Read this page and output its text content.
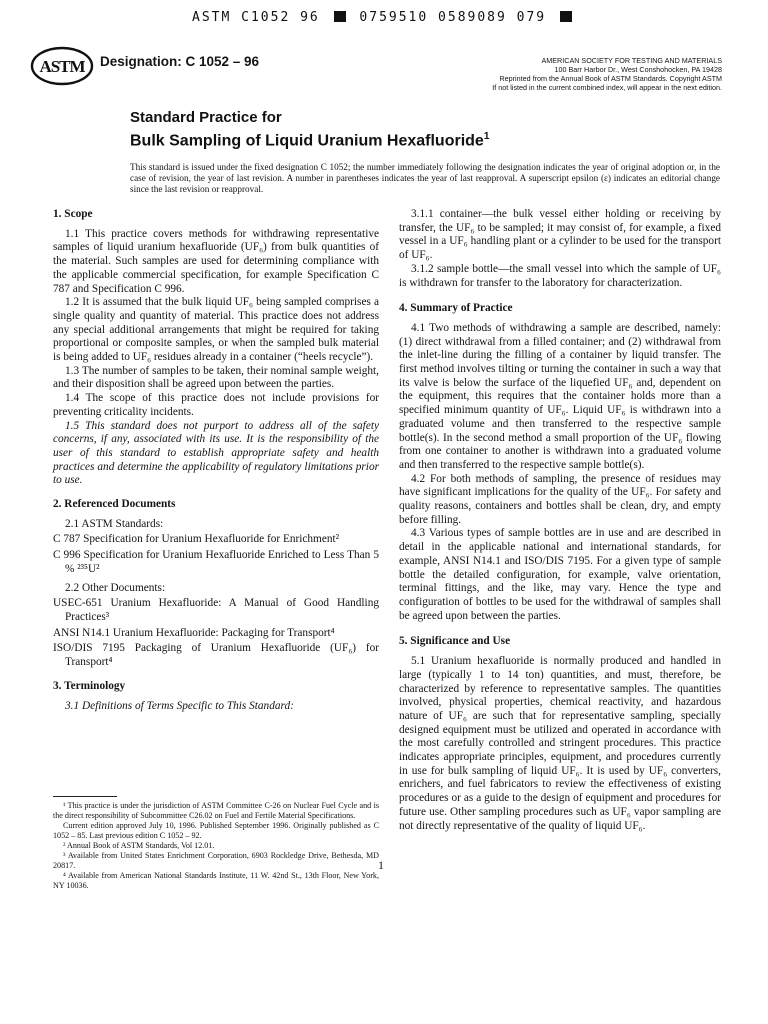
ASTM C1052 96	0759510 0589089 079
ASTM Designation: C 1052 – 96	AMERICAN SOCIETY FOR TESTING AND MATERIALS
100 Barr Harbor Dr., West Conshohocken, PA 19428
Reprinted from the Annual Book of ASTM Standards. Copyright ASTM
If not listed in the current combined index, will appear in the next edition.
Standard Practice for
Bulk Sampling of Liquid Uranium Hexafluoride$^1$
This standard is issued under the fixed designation C 1052; the number immediately following the designation indicates the year of original adoption or, in the case of revision, the year of last revision. A number in parentheses indicates the year of last reapproval. A superscript epsilon (ε) indicates an editorial change since the last revision or reapproval.
1. Scope

1.1 This practice covers methods for withdrawing representative samples of liquid uranium hexafluoride (UF₆) from bulk quantities of the material. Such samples are used for determining compliance with the applicable commercial specification, for example Specification C 787 and Specification C 996.

1.2 It is assumed that the bulk liquid UF₆ being sampled comprises a single quality and quantity of material. This practice does not address any special additional arrangements that might be required for taking proportional or composite samples, or when the sampled bulk material is being added to UF₆ residues already in a container (“heels recycle”).

1.3 The number of samples to be taken, their nominal sample weight, and their disposition shall be agreed upon between the parties.

1.4 The scope of this practice does not include provisions for preventing criticality incidents.

1.5 This standard does not purport to address all of the safety concerns, if any, associated with its use. It is the responsibility of the user of this standard to establish appropriate safety and health practices and determine the applicability of regulatory limitations prior to use.

2. Referenced Documents

2.1 ASTM Standards:

C 787 Specification for Uranium Hexafluoride for Enrichment²

C 996 Specification for Uranium Hexafluoride Enriched to Less Than 5 % ²³⁵U²

2.2 Other Documents:

USEC-651 Uranium Hexafluoride: A Manual of Good Handling Practices³

ANSI N14.1 Uranium Hexafluoride: Packaging for Transport⁴

ISO/DIS 7195 Packaging of Uranium Hexafluoride (UF₆) for Transport⁴

3. Terminology

3.1 Definitions of Terms Specific to This Standard:

3.1.1 container—the bulk vessel either holding or receiving by transfer, the UF₆ to be sampled; it may consist of, for example, a fixed vessel in a UF₆ handling plant or a cylinder to be used for the transport of UF₆.

3.1.2 sample bottle—the small vessel into which the sample of UF₆ is withdrawn for transfer to the laboratory for characterization.

4. Summary of Practice

4.1 Two methods of withdrawing a sample are described, namely: (1) direct withdrawal from a filled container; and (2) withdrawal from the inlet-line during the filling of a container by liquid transfer. The first method involves tilting or turning the container in such a way that its valve is below the surface of the liquefied UF₆ and, dependent on the equipment, this requires that the container holds more than a specified minimum quantity of UF₆. Liquid UF₆ is withdrawn into a graduated volume and then transferred to the respective sample bottle(s). In the second method a small proportion of the UF₆ flowing from one container to another is withdrawn into a graduated volume and then transferred to the respective sample bottle(s).

4.2 For both methods of sampling, the presence of residues may have significant implications for the quality of the UF₆. For safety and quality reasons, containers and bottles shall be clean, dry, and empty before filling.

4.3 Various types of sample bottles are in use and are described in detail in the applicable national and international standards, for example, ANSI N14.1 and ISO/DIS 7195. For a given type of sample bottle the detailed configuration, for example, valve orientation, terminal fittings, and the like, may vary. Hence the type and configuration of bottles to be used for the withdrawal of samples shall be agreed upon between the parties.

5. Significance and Use

5.1 Uranium hexafluoride is normally produced and handled in large (typically 1 to 14 ton) quantities, and must, therefore, be characterized by reference to representative samples. The quantities involved, physical properties, chemical reactivity, and hazardous nature of UF₆ are such that for representative sampling, specially designed equipment must be utilized and operated in accordance with the most carefully controlled and stringent procedures. This practice indicates appropriate principles, equipment, and procedures currently in use for bulk sampling of liquid UF₆. It is used by UF₆ converters, enrichers, and fuel fabricators to review the effectiveness of existing procedures or as a guide to the design of equipment and procedures for future use. Other sampling procedures such as UF₆ vapor sampling are not directly representative of the quality of liquid UF₆.

¹ This practice is under the jurisdiction of ASTM Committee C-26 on Nuclear Fuel Cycle and is the direct responsibility of Subcommittee C26.02 on Fuel and Fertile Material Specifications.

Current edition approved July 10, 1996. Published September 1996. Originally published as C 1052 – 85. Last previous edition C 1052 – 92.

² Annual Book of ASTM Standards, Vol 12.01.

³ Available from United States Enrichment Corporation, 6903 Rockledge Drive, Bethesda, MD 20817.

⁴ Available from American National Standards Institute, 11 W. 42nd St., 13th Floor, New York, NY 10036.

1
